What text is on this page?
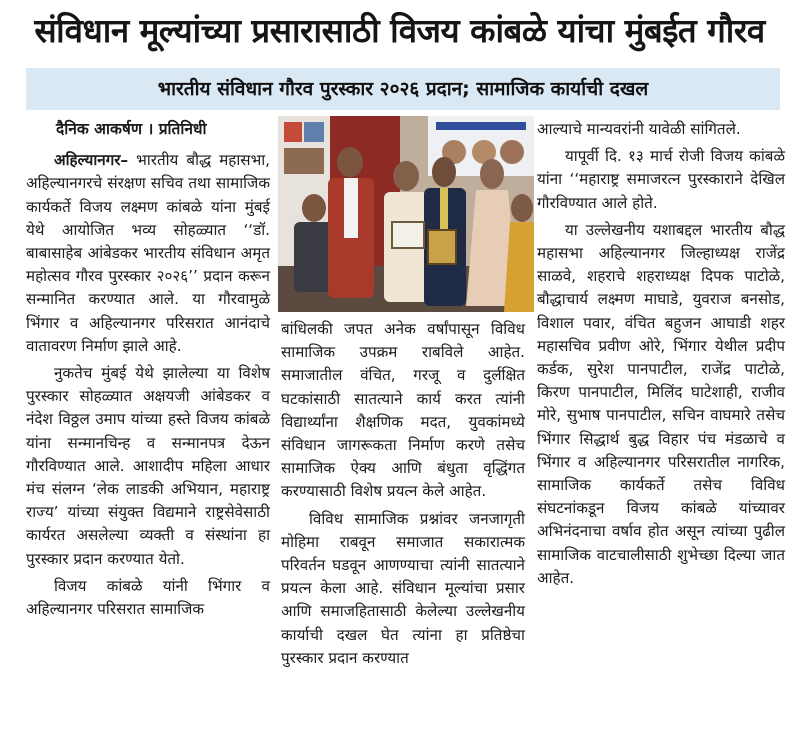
संविधान मूल्यांच्या प्रसारासाठी विजय कांबळे यांचा मुंबईत गौरव
भारतीय संविधान गौरव पुरस्कार २०२६ प्रदान; सामाजिक कार्याची दखल

दैनिक आकर्षण । प्रतिनिधी

अहिल्यानगर– भारतीय बौद्ध महासभा, अहिल्यानगरचे संरक्षण सचिव तथा सामाजिक कार्यकर्ते विजय लक्ष्मण कांबळे यांना मुंबई येथे आयोजित भव्य सोहळ्यात ‘‘डॉ. बाबासाहेब आंबेडकर भारतीय संविधान अमृत महोत्सव गौरव पुरस्कार २०२६’’ प्रदान करून सन्मानित करण्यात आले. या गौरवामुळे भिंगार व अहिल्यानगर परिसरात आनंदाचे वातावरण निर्माण झाले आहे.

नुकतेच मुंबई येथे झालेल्या या विशेष पुरस्कार सोहळ्यात अक्षयजी आंबेडकर व नंदेश विठ्ठल उमाप यांच्या हस्ते विजय कांबळे यांना सन्मानचिन्ह व सन्मानपत्र देऊन गौरविण्यात आले. आशादीप महिला आधार मंच संलग्न ‘लेक लाडकी अभियान, महाराष्ट्र राज्य’ यांच्या संयुक्त विद्यमाने राष्ट्रसेवेसाठी कार्यरत असलेल्या व्यक्ती व संस्थांना हा पुरस्कार प्रदान करण्यात येतो.

विजय कांबळे यांनी भिंगार व अहिल्यानगर परिसरात सामाजिक

बांधिलकी जपत अनेक वर्षांपासून विविध सामाजिक उपक्रम राबविले आहेत. समाजातील वंचित, गरजू व दुर्लक्षित घटकांसाठी सातत्याने कार्य करत त्यांनी विद्यार्थ्यांना शैक्षणिक मदत, युवकांमध्ये संविधान जागरूकता निर्माण करणे तसेच सामाजिक ऐक्य आणि बंधुता वृद्धिंगत करण्यासाठी विशेष प्रयत्न केले आहेत.

विविध सामाजिक प्रश्नांवर जनजागृती मोहिमा राबवून समाजात सकारात्मक परिवर्तन घडवून आणण्याचा त्यांनी सातत्याने प्रयत्न केला आहे. संविधान मूल्यांचा प्रसार आणि समाजहितासाठी केलेल्या उल्लेखनीय कार्याची दखल घेत त्यांना हा प्रतिष्ठेचा पुरस्कार प्रदान करण्यात

आल्याचे मान्यवरांनी यावेळी सांगितले.

यापूर्वी दि. १३ मार्च रोजी विजय कांबळे यांना ‘‘महाराष्ट्र समाजरत्न पुरस्काराने देखिल गौरविण्यात आले होते.

या उल्लेखनीय यशाबद्दल भारतीय बौद्ध महासभा अहिल्यानगर जिल्हाध्यक्ष राजेंद्र साळवे, शहराचे शहराध्यक्ष दिपक पाटोळे, बौद्धाचार्य लक्ष्मण माघाडे, युवराज बनसोड, विशाल पवार, वंचित बहुजन आघाडी शहर महासचिव प्रवीण ओरे, भिंगार येथील प्रदीप कर्डक, सुरेश पानपाटील, राजेंद्र पाटोळे, किरण पानपाटील, मिलिंद घाटेशाही, राजीव मोरे, सुभाष पानपाटील, सचिन वाघमारे तसेच भिंगार सिद्धार्थ बुद्ध विहार पंच मंडळाचे व भिंगार व अहिल्यानगर परिसरातील नागरिक, सामाजिक कार्यकर्ते तसेच विविध संघटनांकडून विजय कांबळे यांच्यावर अभिनंदनाचा वर्षाव होत असून त्यांच्या पुढील सामाजिक वाटचालीसाठी शुभेच्छा दिल्या जात आहेत.
